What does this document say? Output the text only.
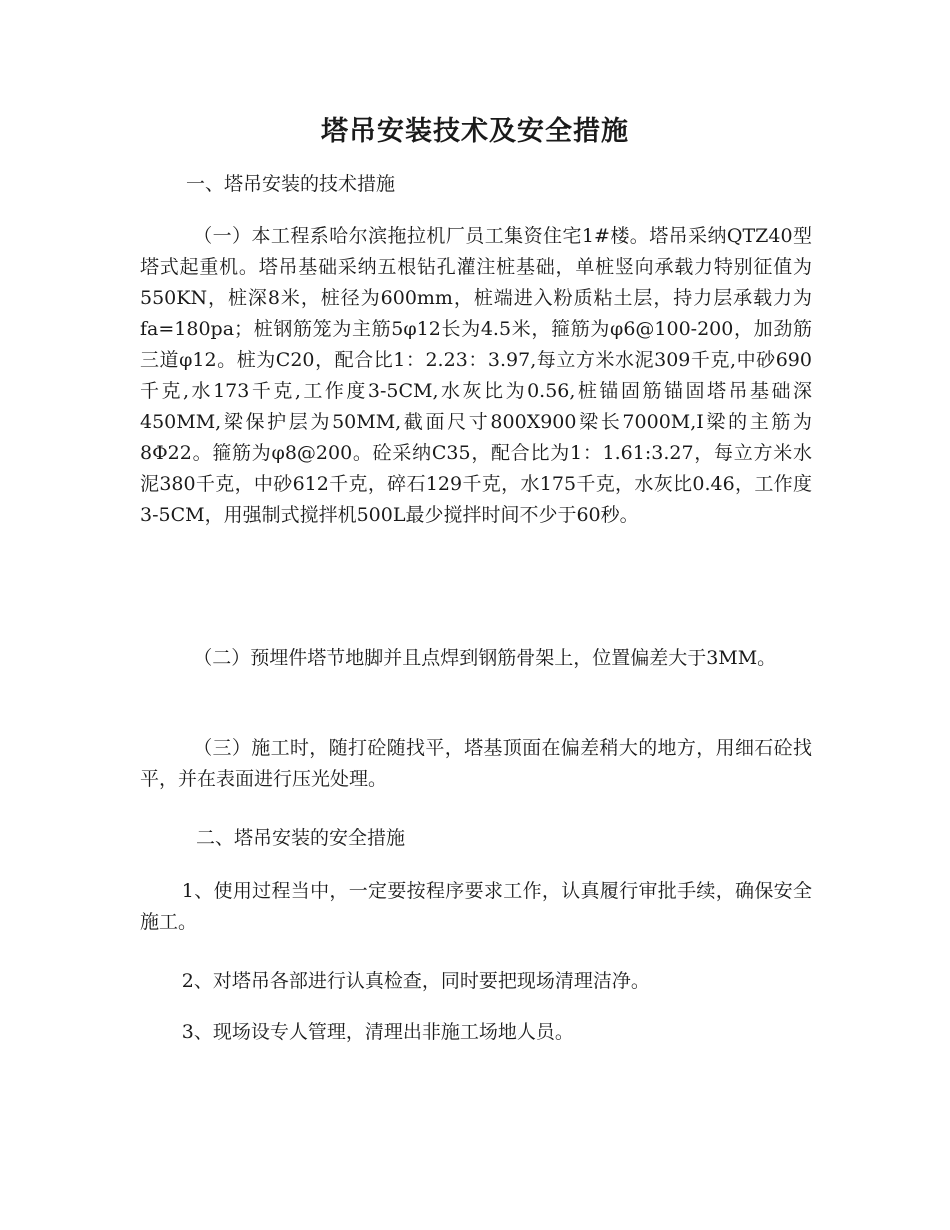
塔吊安装技术及安全措施
一、塔吊安装的技术措施

（一）本工程系哈尔滨拖拉机厂员工集资住宅1#楼。塔吊采纳QTZ40型塔式起重机。塔吊基础采纳五根钻孔灌注桩基础，单桩竖向承载力特别征值为550KN，桩深8米，桩径为600mm，桩端进入粉质粘土层，持力层承载力为fa=180pa；桩钢筋笼为主筋5φ12长为4.5米，箍筋为φ6@100-200，加劲筋三道φ12。桩为C20，配合比1：2.23：3.97,每立方米水泥309千克,中砂690千克,水173千克,工作度3-5CM,水灰比为0.56,桩锚固筋锚固塔吊基础深450MM,梁保护层为50MM,截面尺寸800X900梁长7000M,I梁的主筋为8Φ22。箍筋为φ8@200。砼采纳C35，配合比为1：1.61:3.27，每立方米水泥380千克，中砂612千克，碎石129千克，水175千克，水灰比0.46，工作度3-5CM，用强制式搅拌机500L最少搅拌时间不少于60秒。

（二）预埋件塔节地脚并且点焊到钢筋骨架上，位置偏差大于3MM。

（三）施工时，随打砼随找平，塔基顶面在偏差稍大的地方，用细石砼找平，并在表面进行压光处理。

二、塔吊安装的安全措施

1、使用过程当中，一定要按程序要求工作，认真履行审批手续，确保安全施工。

2、对塔吊各部进行认真检查，同时要把现场清理洁净。

3、现场设专人管理，清理出非施工场地人员。
